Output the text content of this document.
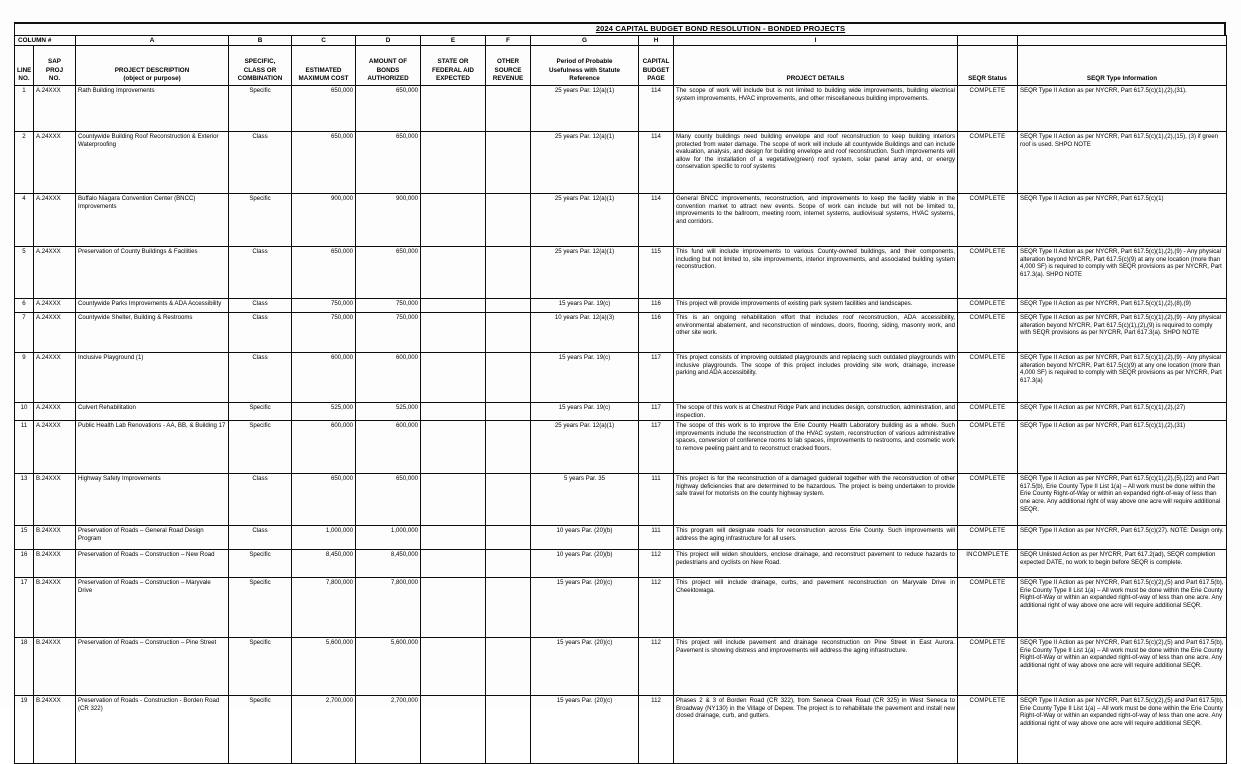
2024 CAPITAL BUDGET BOND RESOLUTION - BONDED PROJECTS
COLUMN #		A	B	C	D	E	F	G	H	I		
LINE
NO.	SAP
PROJ
NO.	PROJECT DESCRIPTION
(object or purpose)	SPECIFIC,
CLASS OR
COMBINATION	ESTIMATED
MAXIMUM COST	AMOUNT OF
BONDS
AUTHORIZED	STATE OR
FEDERAL AID
EXPECTED	OTHER
SOURCE
REVENUE	Period of Probable
Usefulness with Statute
Reference	CAPITAL
BUDGET
PAGE	PROJECT DETAILS	SEQR Status	SEQR Type Information
1	A.24XXX	Rath Building Improvements	Specific	650,000	650,000			25 years Par. 12(a)(1)	114	The scope of work will include but is not limited to building wide improvements, building electrical system improvements, HVAC improvements, and other miscellaneous building improvements.	COMPLETE	SEQR Type II Action as per NYCRR, Part 617.5(c)(1),(2),(31).
2	A.24XXX	Countywide Building Roof Reconstruction & Exterior Waterproofing	Class	650,000	650,000			25 years Par. 12(a)(1)	114	Many county buildings need building envelope and roof reconstruction to keep building interiors protected from water damage. The scope of work will include all countywide Buildings and can include evaluation, analysis, and design for building envelope and roof reconstruction. Such improvements will allow for the installation of a vegetative(green) roof system, solar panel array and, or energy conservation specific to roof systems	COMPLETE	SEQR Type II Action as per NYCRR, Part 617.5(c)(1),(2),(15), (3) if green roof is used. SHPO NOTE
4	A.24XXX	Buffalo Niagara Convention Center (BNCC) Improvements	Specific	900,000	900,000			25 years Par. 12(a)(1)	114	General BNCC improvements, reconstruction, and improvements to keep the facility viable in the convention market to attract new events. Scope of work can include but will not be limited to, improvements to the ballroom, meeting room, internet systems, audiovisual systems, HVAC systems, and corridors.	COMPLETE	SEQR Type II Action as per NYCRR, Part 617.5(c)(1)
5	A.24XXX	Preservation of County Buildings & Facilities	Class	650,000	650,000			25 years Par. 12(a)(1)	115	This fund will include improvements to various County-owned buildings, and their components, including but not limited to, site improvements, interior improvements, and associated building system reconstruction.	COMPLETE	SEQR Type II Action as per NYCRR, Part 617.5(c)(1),(2),(9) - Any physical alteration beyond NYCRR, Part 617.5(c)(9) at any one location (more than 4,000 SF) is required to comply with SEQR provisions as per NYCRR, Part 617.3(a). SHPO NOTE
6	A.24XXX	Countywide Parks Improvements & ADA Accessibility	Class	750,000	750,000			15 years Par. 19(c)	116	This project will provide improvements of existing park system facilities and landscapes.	COMPLETE	SEQR Type II Action as per NYCRR, Part 617.5(c)(1),(2),(8),(9)
7	A.24XXX	Countywide Shelter, Building & Restrooms	Class	750,000	750,000			10 years Par. 12(a)(3)	116	This is an ongoing rehabilitation effort that includes roof reconstruction, ADA accessibility, environmental abatement, and reconstruction of windows, doors, flooring, siding, masonry work, and other site work.	COMPLETE	SEQR Type II Action as per NYCRR, Part 617.5(c)(1),(2),(9) - Any physical alteration beyond NYCRR, Part 617.5(c)(1),(2),(9) is required to comply with SEQR provisions as per NYCRR, Part 617.3(a). SHPO NOTE
9	A.24XXX	Inclusive Playground (1)	Class	600,000	600,000			15 years Par. 19(c)	117	This project consists of improving outdated playgrounds and replacing such outdated playgrounds with inclusive playgrounds. The scope of this project includes providing site work, drainage, increase parking and ADA accessibility.	COMPLETE	SEQR Type II Action as per NYCRR, Part 617.5(c)(1),(2),(9) - Any physical alteration beyond NYCRR, Part 617.5(c)(9) at any one location (more than 4,000 SF) is required to comply with SEQR provisions as per NYCRR, Part 617.3(a)
10	A.24XXX	Culvert Rehabilitation	Specific	525,000	525,000			15 years Par. 19(c)	117	The scope of this work is at Chestnut Ridge Park and includes design, construction, administration, and inspection.	COMPLETE	SEQR Type II Action as per NYCRR, Part 617.5(c)(1),(2),(27)
11	A.24XXX	Public Health Lab Renovations - AA, BB, & Building 17	Specific	600,000	600,000			25 years Par. 12(a)(1)	117	The scope of this work is to improve the Erie County Health Laboratory building as a whole. Such improvements include the reconstruction of the HVAC system, reconstruction of various administrative spaces, conversion of conference rooms to lab spaces, improvements to restrooms, and cosmetic work to remove peeling paint and to reconstruct cracked floors.	COMPLETE	SEQR Type II Action as per NYCRR, Part 617.5(c)(1),(2),(31)
13	B.24XXX	Highway Safety Improvements	Class	650,000	650,000			5 years Par. 35	111	This project is for the reconstruction of a damaged guiderail together with the reconstruction of other highway deficiencies that are determined to be hazardous. The project is being undertaken to provide safe travel for motorists on the county highway system.	COMPLETE	SEQR Type II Action as per NYCRR, Part 617.5(c)(1),(2),(5),(22) and Part 617.5(b), Erie County Type II List 1(a) – All work must be done within the Erie County Right-of-Way or within an expanded right-of-way of less than one acre. Any additional right of way above one acre will require additional SEQR.
15	B.24XXX	Preservation of Roads – General Road Design Program	Class	1,000,000	1,000,000			10 years Par. (20)(b)	111	This program will designate roads for reconstruction across Erie County. Such improvements will address the aging infrastructure for all users.	COMPLETE	SEQR Type II Action as per NYCRR, Part 617.5(c)(27). NOTE: Design only.
16	B.24XXX	Preservation of Roads – Construction – New Road	Specific	8,450,000	8,450,000			10 years Par. (20)(b)	112	This project will widen shoulders, enclose drainage, and reconstruct pavement to reduce hazards to pedestrians and cyclists on New Road.	INCOMPLETE	SEQR Unlisted Action as per NYCRR, Part 617.2(ad), SEQR completion expected DATE, no work to begin before SEQR is complete.
17	B.24XXX	Preservation of Roads – Construction – Maryvale Drive	Specific	7,800,000	7,800,000			15 years Par. (20)(c)	112	This project will include drainage, curbs, and pavement reconstruction on Maryvale Drive in Cheektowaga.	COMPLETE	SEQR Type II Action as per NYCRR, Part 617.5(c)(2),(5) and Part 617.5(b), Erie County Type II List 1(a) – All work must be done within the Erie County Right-of-Way or within an expanded right-of-way of less than one acre. Any additional right of way above one acre will require additional SEQR.
18	B.24XXX	Preservation of Roads – Construction – Pine Street	Specific	5,600,000	5,600,000			15 years Par. (20)(c)	112	This project will include pavement and drainage reconstruction on Pine Street in East Aurora. Pavement is showing distress and improvements will address the aging infrastructure.	COMPLETE	SEQR Type II Action as per NYCRR, Part 617.5(c)(2),(5) and Part 617.5(b), Erie County Type II List 1(a) – All work must be done within the Erie County Right-of-Way or within an expanded right-of-way of less than one acre. Any additional right of way above one acre will require additional SEQR.
19	B.24XXX	Preservation of Roads - Construction - Borden Road (CR 322)	Specific	2,700,000	2,700,000			15 years Par. (20)(c)	112	Phases 2 & 3 of Borden Road (CR 322), from Seneca Creek Road (CR 325) in West Seneca to Broadway (NY130) in the Village of Depew. The project is to rehabilitate the pavement and install new closed drainage, curb, and gutters.	COMPLETE	SEQR Type II Action as per NYCRR, Part 617.5(c)(2),(5) and Part 617.5(b), Erie County Type II List 1(a) – All work must be done within the Erie County Right-of-Way or within an expanded right-of-way of less than one acre. Any additional right of way above one acre will require additional SEQR.
